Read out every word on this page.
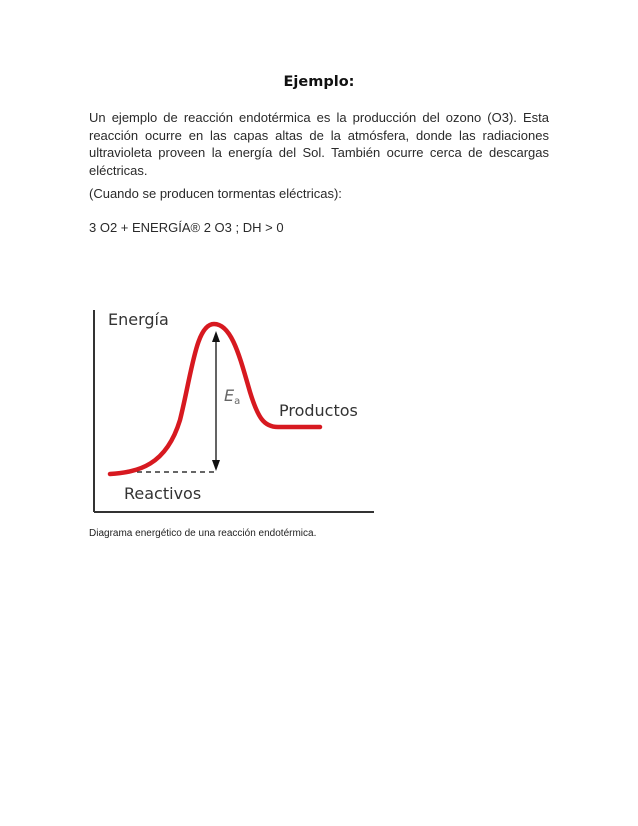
Ejemplo:

Un ejemplo de reacción endotérmica es la producción del ozono (O3). Esta reacción ocurre en las capas altas de la atmósfera, donde las radiaciones ultravioleta proveen la energía del Sol. También ocurre cerca de descargas eléctricas.

(Cuando se producen tormentas eléctricas):

3 O2 + ENERGÍA® 2 O3 ; DH > 0

Energía
Ea Productos
Reactivos

Diagrama energético de una reacción endotérmica.
